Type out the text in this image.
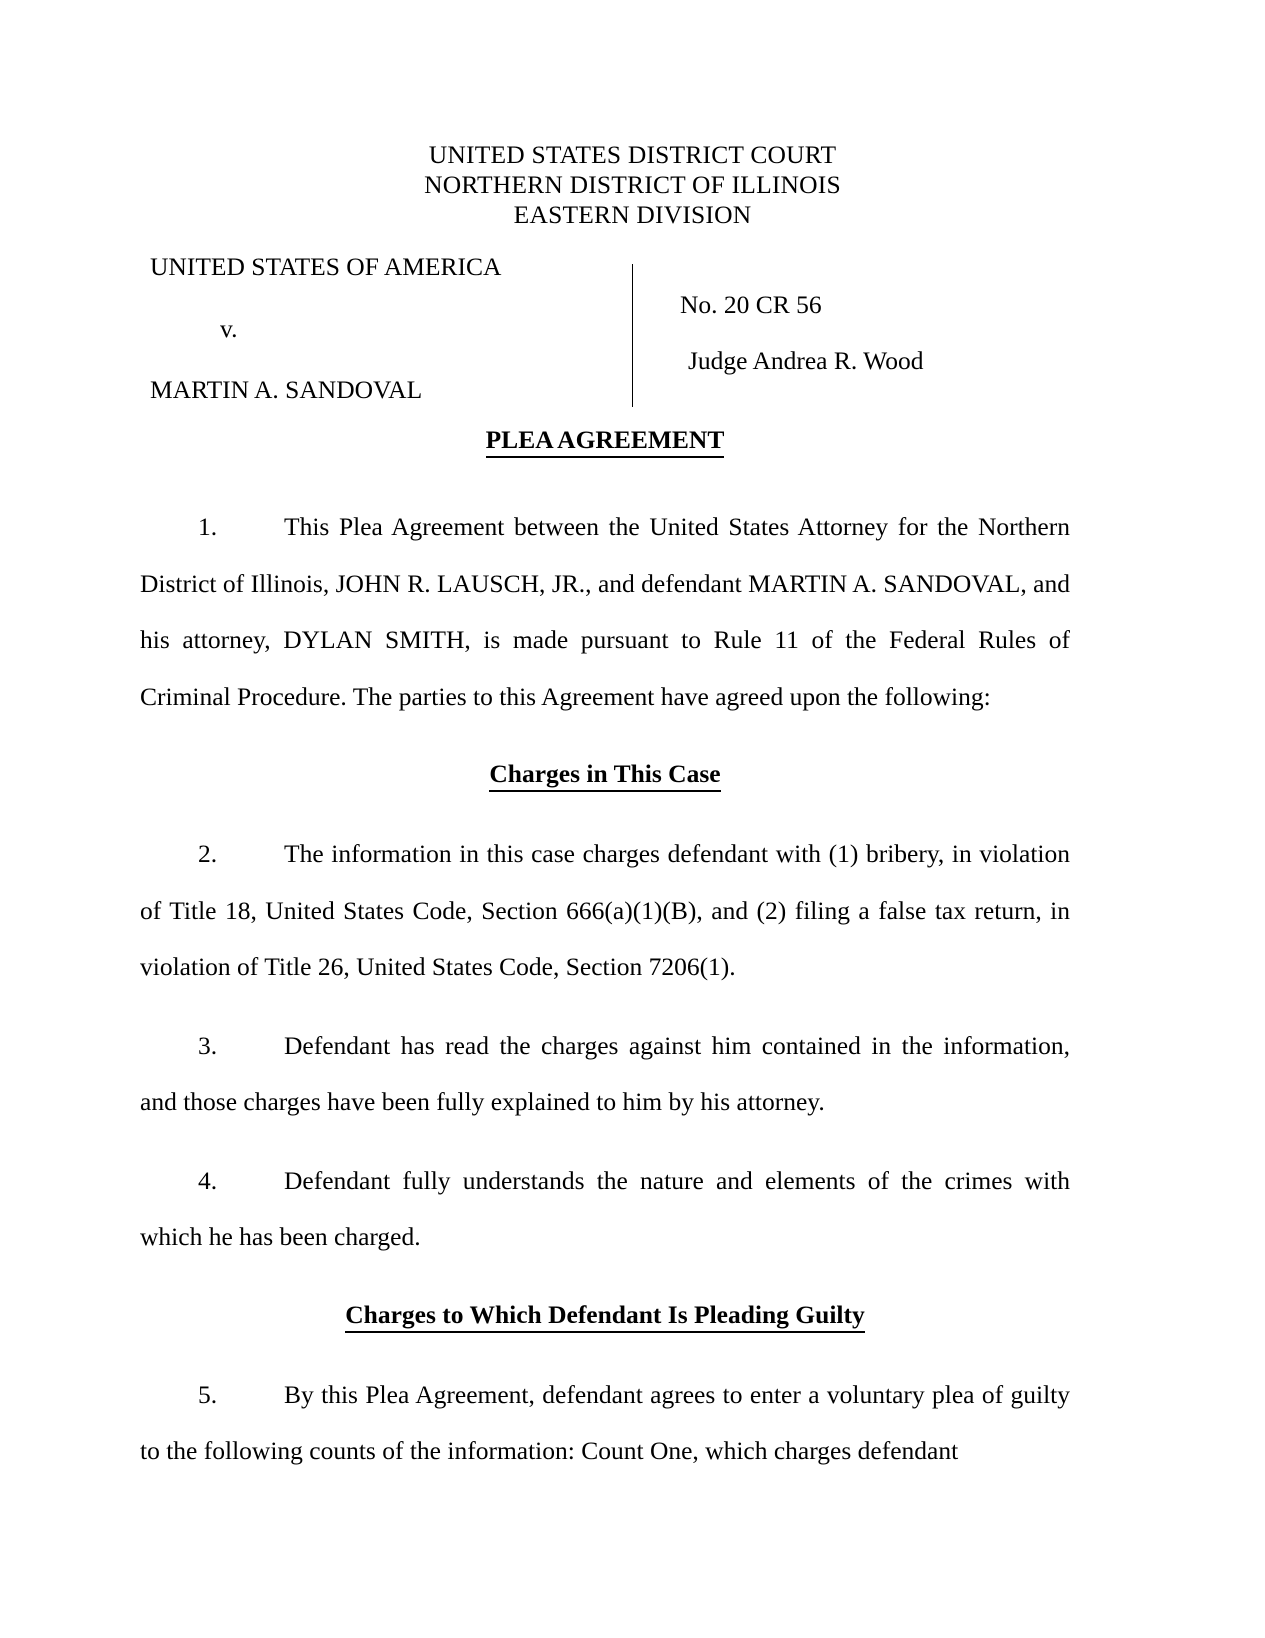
UNITED STATES DISTRICT COURT
NORTHERN DISTRICT OF ILLINOIS
EASTERN DIVISION
UNITED STATES OF AMERICA
v.
MARTIN A. SANDOVAL
No. 20 CR 56
Judge Andrea R. Wood
PLEA AGREEMENT

1.	This Plea Agreement between the United States Attorney for the Northern District of Illinois, JOHN R. LAUSCH, JR., and defendant MARTIN A. SANDOVAL, and his attorney, DYLAN SMITH, is made pursuant to Rule 11 of the Federal Rules of Criminal Procedure. The parties to this Agreement have agreed upon the following:

Charges in This Case

2.	The information in this case charges defendant with (1) bribery, in violation of Title 18, United States Code, Section 666(a)(1)(B), and (2) filing a false tax return, in violation of Title 26, United States Code, Section 7206(1).

3.	Defendant has read the charges against him contained in the information, and those charges have been fully explained to him by his attorney.

4.	Defendant fully understands the nature and elements of the crimes with which he has been charged.

Charges to Which Defendant Is Pleading Guilty

5.	By this Plea Agreement, defendant agrees to enter a voluntary plea of guilty to the following counts of the information: Count One, which charges defendant
